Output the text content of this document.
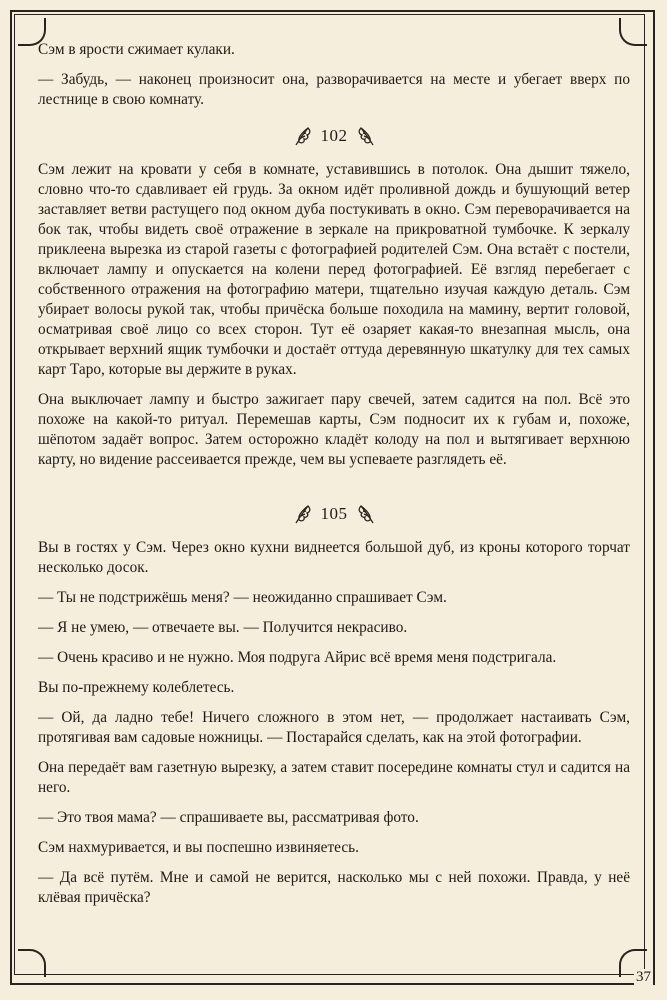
Сэм в ярости сжимает кулаки.

— Забудь, — наконец произносит она, разворачивается на месте и убегает вверх по лестнице в свою комнату.

102

Сэм лежит на кровати у себя в комнате, уставившись в потолок. Она дышит тяжело, словно что-то сдавливает ей грудь. За окном идёт проливной дождь и бушующий ветер заставляет ветви растущего под окном дуба постукивать в окно. Сэм переворачивается на бок так, чтобы видеть своё отражение в зеркале на прикроватной тумбочке. К зеркалу приклеена вырезка из старой газеты с фотографией родителей Сэм. Она встаёт с постели, включает лампу и опускается на колени перед фотографией. Её взгляд перебегает с собственного отражения на фотографию матери, тщательно изучая каждую деталь. Сэм убирает волосы рукой так, чтобы причёска больше походила на мамину, вертит головой, осматривая своё лицо со всех сторон. Тут её озаряет какая-то внезапная мысль, она открывает верхний ящик тумбочки и достаёт оттуда деревянную шкатулку для тех самых карт Таро, которые вы держите в руках.

Она выключает лампу и быстро зажигает пару свечей, затем садится на пол. Всё это похоже на какой-то ритуал. Перемешав карты, Сэм подносит их к губам и, похоже, шёпотом задаёт вопрос. Затем осторожно кладёт колоду на пол и вытягивает верхнюю карту, но видение рассеивается прежде, чем вы успеваете разглядеть её.

105

Вы в гостях у Сэм. Через окно кухни виднеется большой дуб, из кроны которого торчат несколько досок.

— Ты не подстрижёшь меня? — неожиданно спрашивает Сэм.

— Я не умею, — отвечаете вы. — Получится некрасиво.

— Очень красиво и не нужно. Моя подруга Айрис всё время меня подстригала.

Вы по-прежнему колеблетесь.

— Ой, да ладно тебе! Ничего сложного в этом нет, — продолжает настаивать Сэм, протягивая вам садовые ножницы. — Постарайся сделать, как на этой фотографии.

Она передаёт вам газетную вырезку, а затем ставит посередине комнаты стул и садится на него.

— Это твоя мама? — спрашиваете вы, рассматривая фото.

Сэм нахмуривается, и вы поспешно извиняетесь.

— Да всё путём. Мне и самой не верится, насколько мы с ней похожи. Правда, у неё клёвая причёска?

37
